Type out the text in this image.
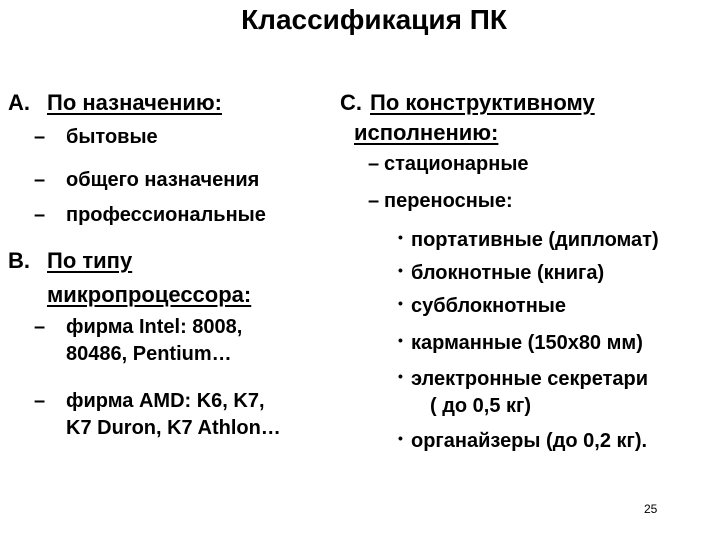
Классификация ПК
A. По назначению:
– бытовые
– общего назначения
– профессиональные
B. По типу
микропроцессора:
– фирма Intel: 8008,
80486, Pentium…
– фирма AMD: K6, K7,
K7 Duron, K7 Athlon…
C. По конструктивному
исполнению:
– стационарные
– переносные:
• портативные (дипломат)
• блокнотные (книга)
• субблокнотные
• карманные (150х80 мм)
• электронные секретари
( до 0,5 кг)
• органайзеры (до 0,2 кг).
25
